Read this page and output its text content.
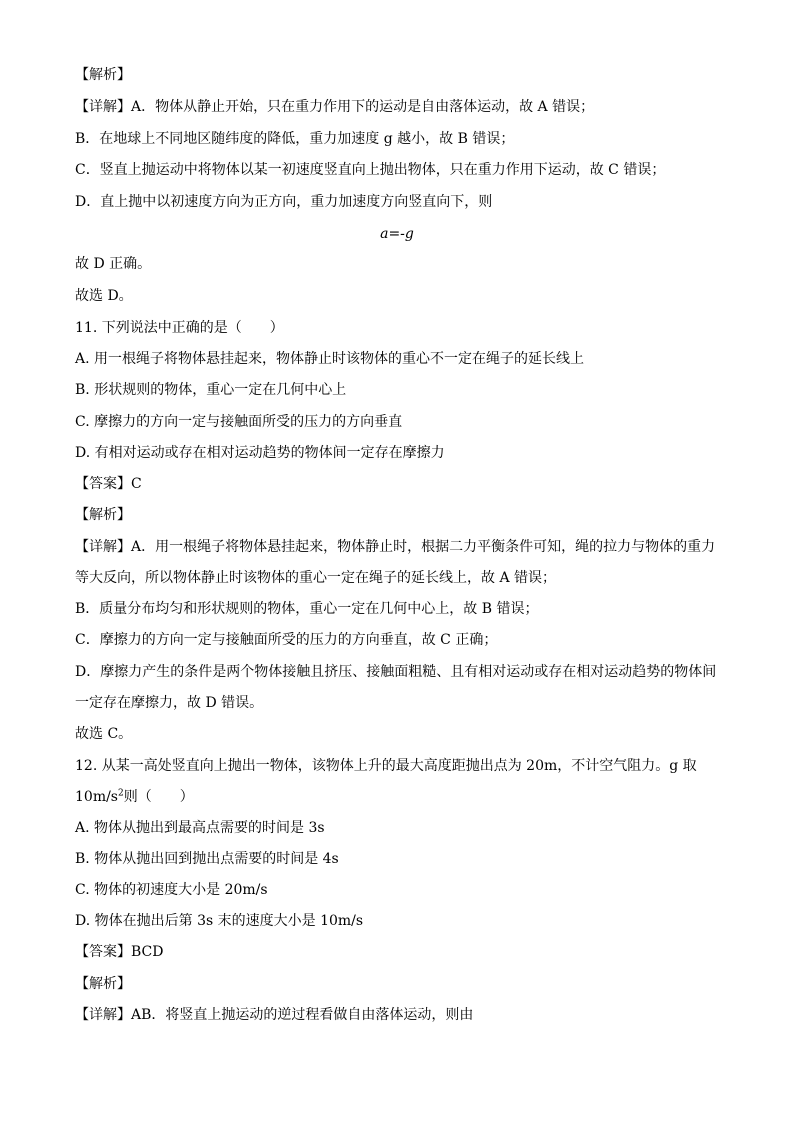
【解析】
【详解】A．物体从静止开始，只在重力作用下的运动是自由落体运动，故 A 错误；
B．在地球上不同地区随纬度的降低，重力加速度 g 越小，故 B 错误；
C．竖直上抛运动中将物体以某一初速度竖直向上抛出物体，只在重力作用下运动，故 C 错误；
D．直上抛中以初速度方向为正方向，重力加速度方向竖直向下，则
a=-g
故 D 正确。
故选 D。
11. 下列说法中正确的是（　　）
A. 用一根绳子将物体悬挂起来，物体静止时该物体的重心不一定在绳子的延长线上
B. 形状规则的物体，重心一定在几何中心上
C. 摩擦力的方向一定与接触面所受的压力的方向垂直
D. 有相对运动或存在相对运动趋势的物体间一定存在摩擦力
【答案】C
【解析】
【详解】A．用一根绳子将物体悬挂起来，物体静止时，根据二力平衡条件可知，绳的拉力与物体的重力
等大反向，所以物体静止时该物体的重心一定在绳子的延长线上，故 A 错误；
B．质量分布均匀和形状规则的物体，重心一定在几何中心上，故 B 错误；
C．摩擦力的方向一定与接触面所受的压力的方向垂直，故 C 正确；
D．摩擦力产生的条件是两个物体接触且挤压、接触面粗糙、且有相对运动或存在相对运动趋势的物体间
一定存在摩擦力，故 D 错误。
故选 C。
12. 从某一高处竖直向上抛出一物体，该物体上升的最大高度距抛出点为 20m，不计空气阻力。g 取
$10m/s^2$则（　　）
A. 物体从抛出到最高点需要的时间是 3s
B. 物体从抛出回到抛出点需要的时间是 4s
C. 物体的初速度大小是 20m/s
D. 物体在抛出后第 3s 末的速度大小是 10m/s
【答案】BCD
【解析】
【详解】AB．将竖直上抛运动的逆过程看做自由落体运动，则由
